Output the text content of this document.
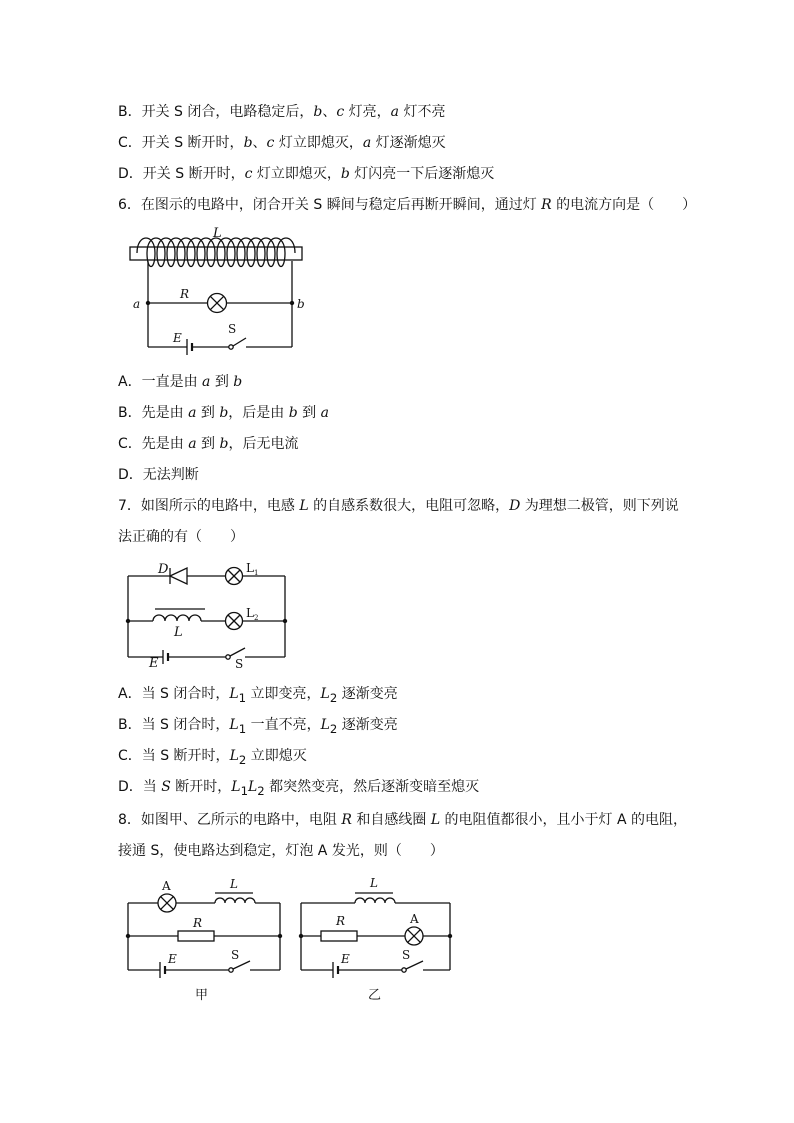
B．开关 S 闭合，电路稳定后，b、c 灯亮，a 灯不亮
C．开关 S 断开时，b、c 灯立即熄灭，a 灯逐渐熄灭
D．开关 S 断开时，c 灯立即熄灭，b 灯闪亮一下后逐渐熄灭
6．在图示的电路中，闭合开关 S 瞬间与稳定后再断开瞬间，通过灯 R 的电流方向是（　　）
L
R
a	b
E
S
A．一直是由 a 到 b
B．先是由 a 到 b，后是由 b 到 a
C．先是由 a 到 b，后无电流
D．无法判断
7．如图所示的电路中，电感 L 的自感系数很大，电阻可忽略，D 为理想二极管，则下列说
法正确的有（　　）
D	$L_1$
L
$L_2$
E	S
A．当 S 闭合时，$L_1$ 立即变亮，$L_2$ 逐渐变亮
B．当 S 闭合时，$L_1$ 一直不亮，$L_2$ 逐渐变亮
C．当 S 断开时，$L_2$ 立即熄灭
D．当 S 断开时，$L_1L_2$ 都突然变亮，然后逐渐变暗至熄灭
8．如图甲、乙所示的电路中，电阻 R 和自感线圈 L 的电阻值都很小，且小于灯 A 的电阻，
接通 S，使电路达到稳定，灯泡 A 发光，则（　　）
A	L
R
E	S
甲
L
R	A
E	S
乙
